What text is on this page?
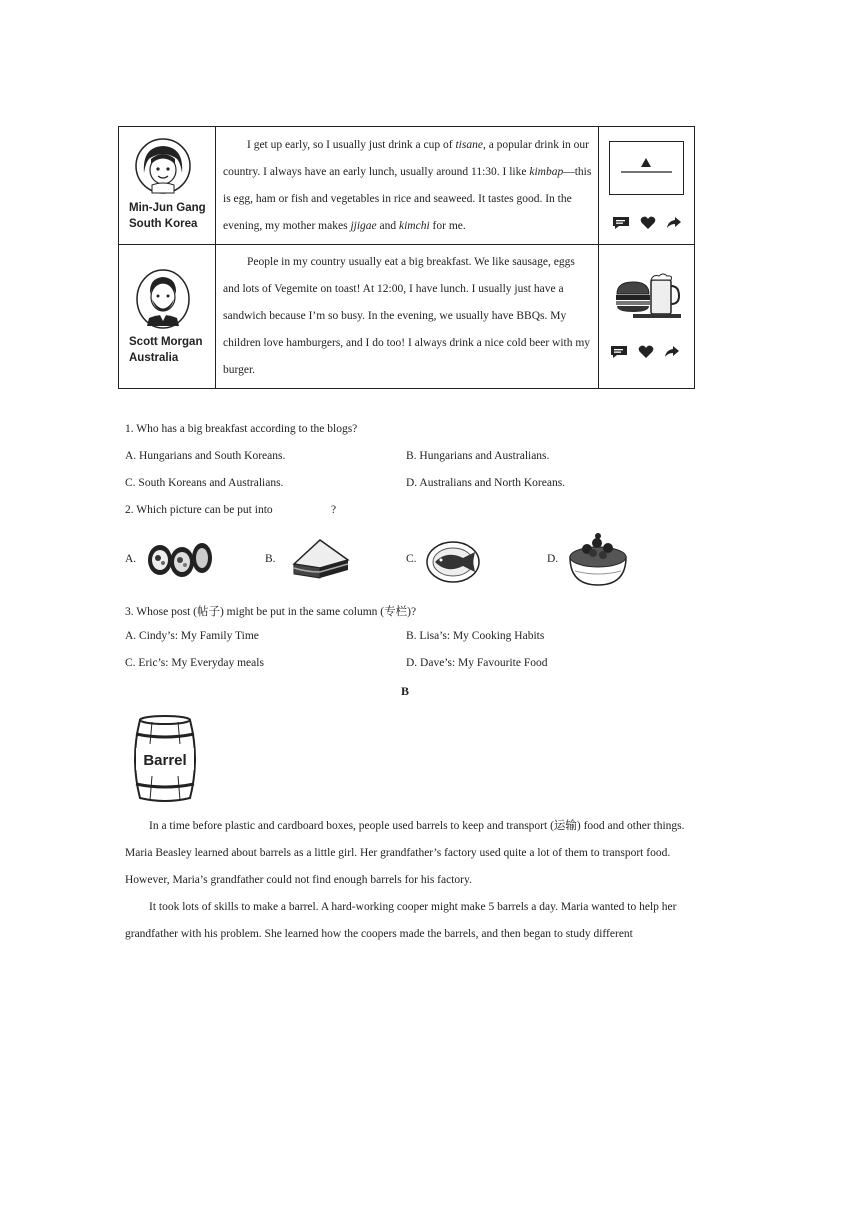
Min-Jun Gang
South Korea

I get up early, so I usually just drink a cup of tisane, a popular drink in our country. I always have an early lunch, usually around 11:30. I like kimbap—this is egg, ham or fish and vegetables in rice and seaweed. It tastes good. In the evening, my mother makes jjigae and kimchi for me.

Scott Morgan
Australia

People in my country usually eat a big breakfast. We like sausage, eggs and lots of Vegemite on toast! At 12:00, I have lunch. I usually just have a sandwich because I’m so busy. In the evening, we usually have BBQs. My children love hamburgers, and I do too! I always drink a nice cold beer with my burger.

1. Who has a big breakfast according to the blogs?
A. Hungarians and South Koreans.	B. Hungarians and Australians.
C. South Koreans and Australians.	D. Australians and North Koreans.
2. Which picture can be put into	?
A.	B.	C.	D.
3. Whose post (帖子) might be put in the same column (专栏)?
A. Cindy’s: My Family Time	B. Lisa’s: My Cooking Habits
C. Eric’s: My Everyday meals	D. Dave’s: My Favourite Food
B
Barrel

In a time before plastic and cardboard boxes, people used barrels to keep and transport (运输) food and other things. Maria Beasley learned about barrels as a little girl. Her grandfather’s factory used quite a lot of them to transport food. However, Maria’s grandfather could not find enough barrels for his factory.

It took lots of skills to make a barrel. A hard-working cooper might make 5 barrels a day. Maria wanted to help her grandfather with his problem. She learned how the coopers made the barrels, and then began to study different
